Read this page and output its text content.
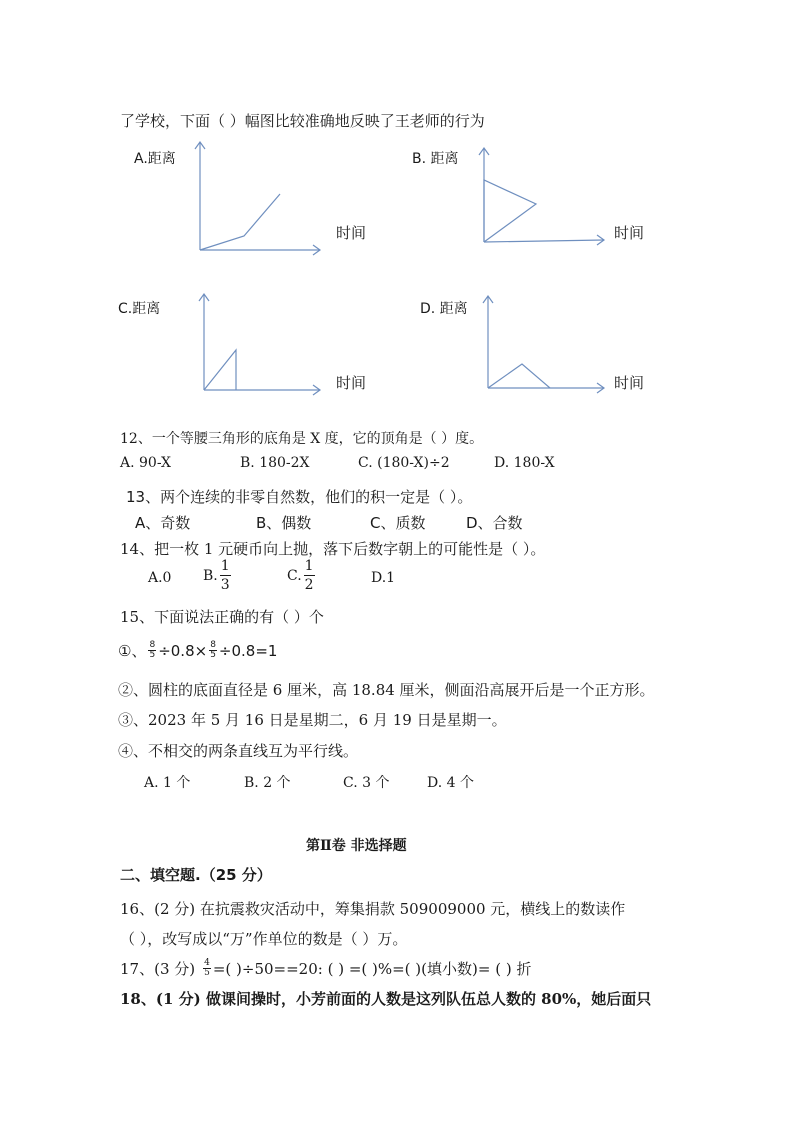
了学校，下面（ ）幅图比较准确地反映了王老师的行为
A.距离
时间
B. 距离
时间
C.距离
时间
D. 距离
时间
12、一个等腰三角形的底角是 X 度，它的顶角是（ ）度。
A. 90-X	B. 180-2X	C. (180-X)÷2	D. 180-X
13、两个连续的非零自然数，他们的积一定是（ ）。
A、奇数	B、偶数	C、质数	D、合数
14、把一枚 1 元硬币向上抛，落下后数字朝上的可能性是（ ）。
A.0 B. $\frac{1}{3}$	C. $\frac{1}{2}$	D.1
15、下面说法正确的有（ ）个
①、 $\frac{8}{5} \div 0.8\times \frac{8}{5} \div 0.8=1$
②、圆柱的底面直径是 6 厘米，高 18.84 厘米，侧面沿高展开后是一个正方形。
③、2023 年 5 月 16 日是星期二，6 月 19 日是星期一。
④、不相交的两条直线互为平行线。
A. 1 个	B. 2 个	C. 3 个	D. 4 个
第Ⅱ卷 非选择题
二、填空题.（25 分）
16、(2 分) 在抗震救灾活动中，筹集捐款 509009000 元，横线上的数读作
（ ），改写成以“万”作单位的数是（ ）万。
17、(3 分) $\frac{4}{5}$ =( )÷50==20: ( ) =( )%=( )(填小数)= ( ) 折
18、(1 分) 做课间操时，小芳前面的人数是这列队伍总人数的 80%，她后面只
